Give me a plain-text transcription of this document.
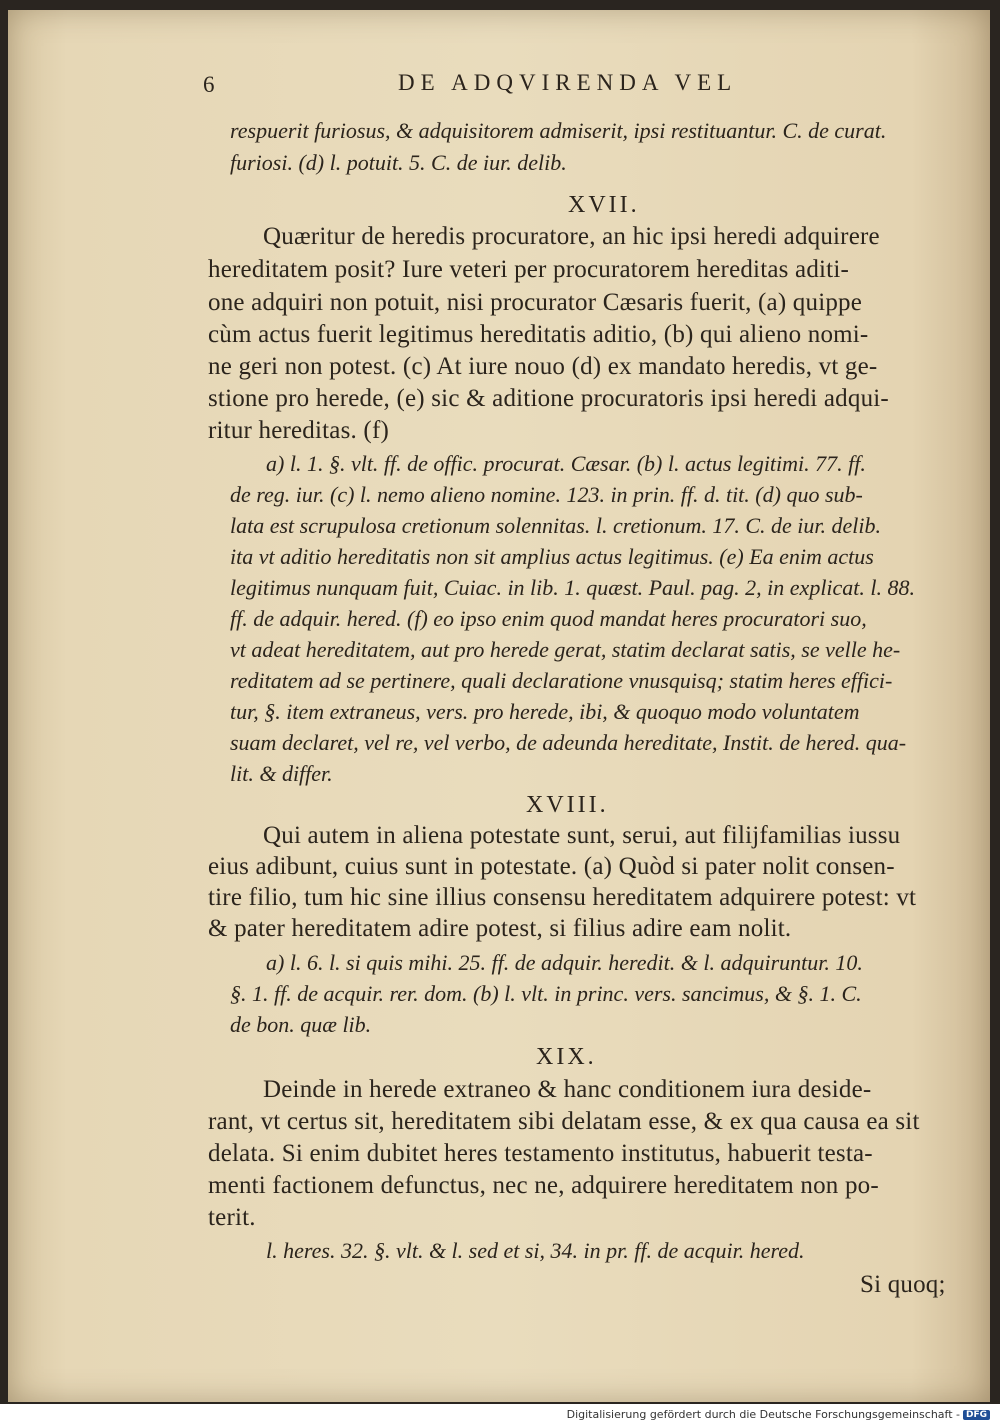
6	DE ADQVIRENDA VEL
respuerit furiosus, & adquisitorem admiserit, ipsi restituantur. C. de curat.
furiosi. (d) l. potuit. 5. C. de iur. delib.
XVII.
Quæritur de heredis procuratore, an hic ipsi heredi adquirere
hereditatem posit? Iure veteri per procuratorem hereditas aditi-
one adquiri non potuit, nisi procurator Cæsaris fuerit, (a) quippe
cùm actus fuerit legitimus hereditatis aditio, (b) qui alieno nomi-
ne geri non potest. (c) At iure nouo (d) ex mandato heredis, vt ge-
stione pro herede, (e) sic & aditione procuratoris ipsi heredi adqui-
ritur hereditas. (f)
a) l. 1. §. vlt. ff. de offic. procurat. Cæsar. (b) l. actus legitimi. 77. ff.
de reg. iur. (c) l. nemo alieno nomine. 123. in prin. ff. d. tit. (d) quo sub-
lata est scrupulosa cretionum solennitas. l. cretionum. 17. C. de iur. delib.
ita vt aditio hereditatis non sit amplius actus legitimus. (e) Ea enim actus
legitimus nunquam fuit, Cuiac. in lib. 1. quæst. Paul. pag. 2, in explicat. l. 88.
ff. de adquir. hered. (f) eo ipso enim quod mandat heres procuratori suo,
vt adeat hereditatem, aut pro herede gerat, statim declarat satis, se velle he-
reditatem ad se pertinere, quali declaratione vnusquisq; statim heres effici-
tur, §. item extraneus, vers. pro herede, ibi, & quoquo modo voluntatem
suam declaret, vel re, vel verbo, de adeunda hereditate, Instit. de hered. qua-
lit. & differ.
XVIII.
Qui autem in aliena potestate sunt, serui, aut filijfamilias iussu
eius adibunt, cuius sunt in potestate. (a) Quòd si pater nolit consen-
tire filio, tum hic sine illius consensu hereditatem adquirere potest: vt
& pater hereditatem adire potest, si filius adire eam nolit.
a) l. 6. l. si quis mihi. 25. ff. de adquir. heredit. & l. adquiruntur. 10.
§. 1. ff. de acquir. rer. dom. (b) l. vlt. in princ. vers. sancimus, & §. 1. C.
de bon. quæ lib.
XIX.
Deinde in herede extraneo & hanc conditionem iura deside-
rant, vt certus sit, hereditatem sibi delatam esse, & ex qua causa ea sit
delata. Si enim dubitet heres testamento institutus, habuerit testa-
menti factionem defunctus, nec ne, adquirere hereditatem non po-
terit.
l. heres. 32. §. vlt. & l. sed et si, 34. in pr. ff. de acquir. hered.
Si quoq;
Digitalisierung gefördert durch die Deutsche Forschungsgemeinschaft - DFG
